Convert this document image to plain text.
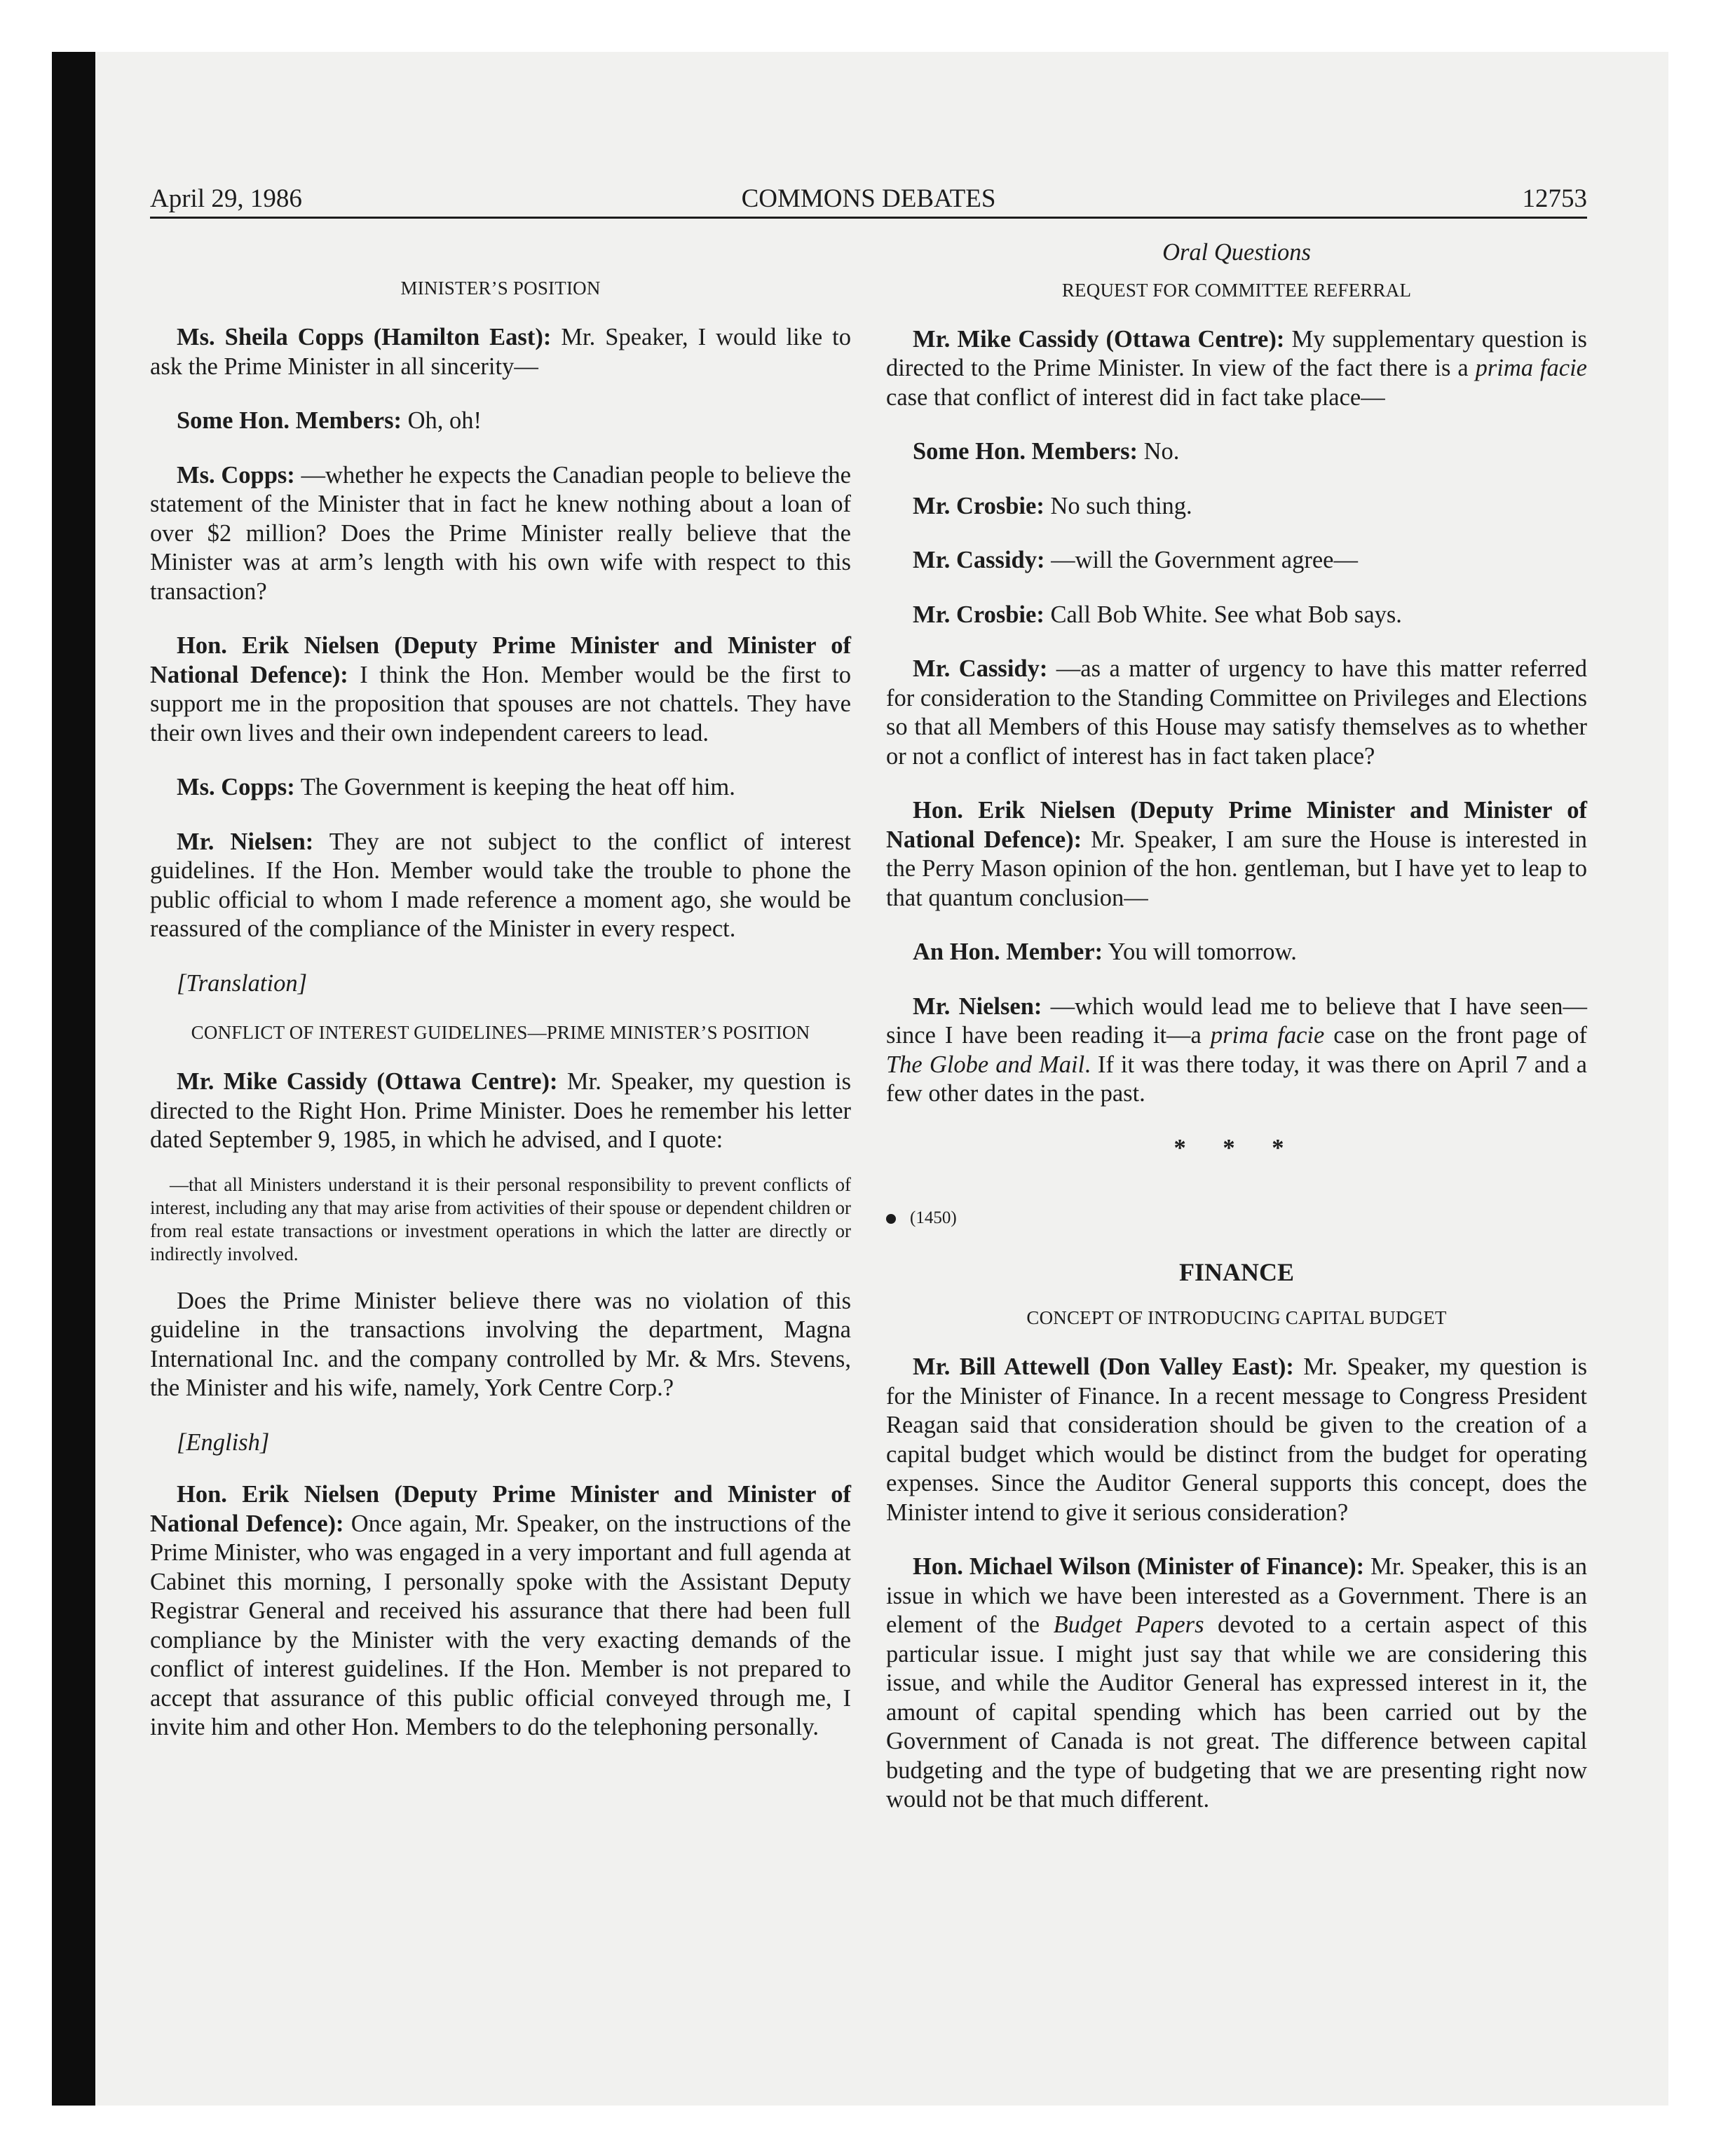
April 29, 1986	COMMONS DEBATES	12753
MINISTER’S POSITION

Ms. Sheila Copps (Hamilton East): Mr. Speaker, I would like to ask the Prime Minister in all sincerity—

Some Hon. Members: Oh, oh!

Ms. Copps: —whether he expects the Canadian people to believe the statement of the Minister that in fact he knew nothing about a loan of over $2 million? Does the Prime Minister really believe that the Minister was at arm’s length with his own wife with respect to this transaction?

Hon. Erik Nielsen (Deputy Prime Minister and Minister of National Defence): I think the Hon. Member would be the first to support me in the proposition that spouses are not chattels. They have their own lives and their own independent careers to lead.

Ms. Copps: The Government is keeping the heat off him.

Mr. Nielsen: They are not subject to the conflict of interest guidelines. If the Hon. Member would take the trouble to phone the public official to whom I made reference a moment ago, she would be reassured of the compliance of the Minister in every respect.

[Translation]
CONFLICT OF INTEREST GUIDELINES—PRIME MINISTER’S POSITION

Mr. Mike Cassidy (Ottawa Centre): Mr. Speaker, my question is directed to the Right Hon. Prime Minister. Does he remember his letter dated September 9, 1985, in which he advised, and I quote:

—that all Ministers understand it is their personal responsibility to prevent conflicts of interest, including any that may arise from activities of their spouse or dependent children or from real estate transactions or investment operations in which the latter are directly or indirectly involved.

Does the Prime Minister believe there was no violation of this guideline in the transactions involving the department, Magna International Inc. and the company controlled by Mr. & Mrs. Stevens, the Minister and his wife, namely, York Centre Corp.?

[English]

Hon. Erik Nielsen (Deputy Prime Minister and Minister of National Defence): Once again, Mr. Speaker, on the instructions of the Prime Minister, who was engaged in a very important and full agenda at Cabinet this morning, I personally spoke with the Assistant Deputy Registrar General and received his assurance that there had been full compliance by the Minister with the very exacting demands of the conflict of interest guidelines. If the Hon. Member is not prepared to accept that assurance of this public official conveyed through me, I invite him and other Hon. Members to do the telephoning personally.

Oral Questions
REQUEST FOR COMMITTEE REFERRAL

Mr. Mike Cassidy (Ottawa Centre): My supplementary question is directed to the Prime Minister. In view of the fact there is a prima facie case that conflict of interest did in fact take place—

Some Hon. Members: No.

Mr. Crosbie: No such thing.

Mr. Cassidy: —will the Government agree—

Mr. Crosbie: Call Bob White. See what Bob says.

Mr. Cassidy: —as a matter of urgency to have this matter referred for consideration to the Standing Committee on Privileges and Elections so that all Members of this House may satisfy themselves as to whether or not a conflict of interest has in fact taken place?

Hon. Erik Nielsen (Deputy Prime Minister and Minister of National Defence): Mr. Speaker, I am sure the House is interested in the Perry Mason opinion of the hon. gentleman, but I have yet to leap to that quantum conclusion—

An Hon. Member: You will tomorrow.

Mr. Nielsen: —which would lead me to believe that I have seen—since I have been reading it—a prima facie case on the front page of The Globe and Mail. If it was there today, it was there on April 7 and a few other dates in the past.

* * *
(1450)
FINANCE
CONCEPT OF INTRODUCING CAPITAL BUDGET

Mr. Bill Attewell (Don Valley East): Mr. Speaker, my question is for the Minister of Finance. In a recent message to Congress President Reagan said that consideration should be given to the creation of a capital budget which would be distinct from the budget for operating expenses. Since the Auditor General supports this concept, does the Minister intend to give it serious consideration?

Hon. Michael Wilson (Minister of Finance): Mr. Speaker, this is an issue in which we have been interested as a Government. There is an element of the Budget Papers devoted to a certain aspect of this particular issue. I might just say that while we are considering this issue, and while the Auditor General has expressed interest in it, the amount of capital spending which has been carried out by the Government of Canada is not great. The difference between capital budgeting and the type of budgeting that we are presenting right now would not be that much different.
